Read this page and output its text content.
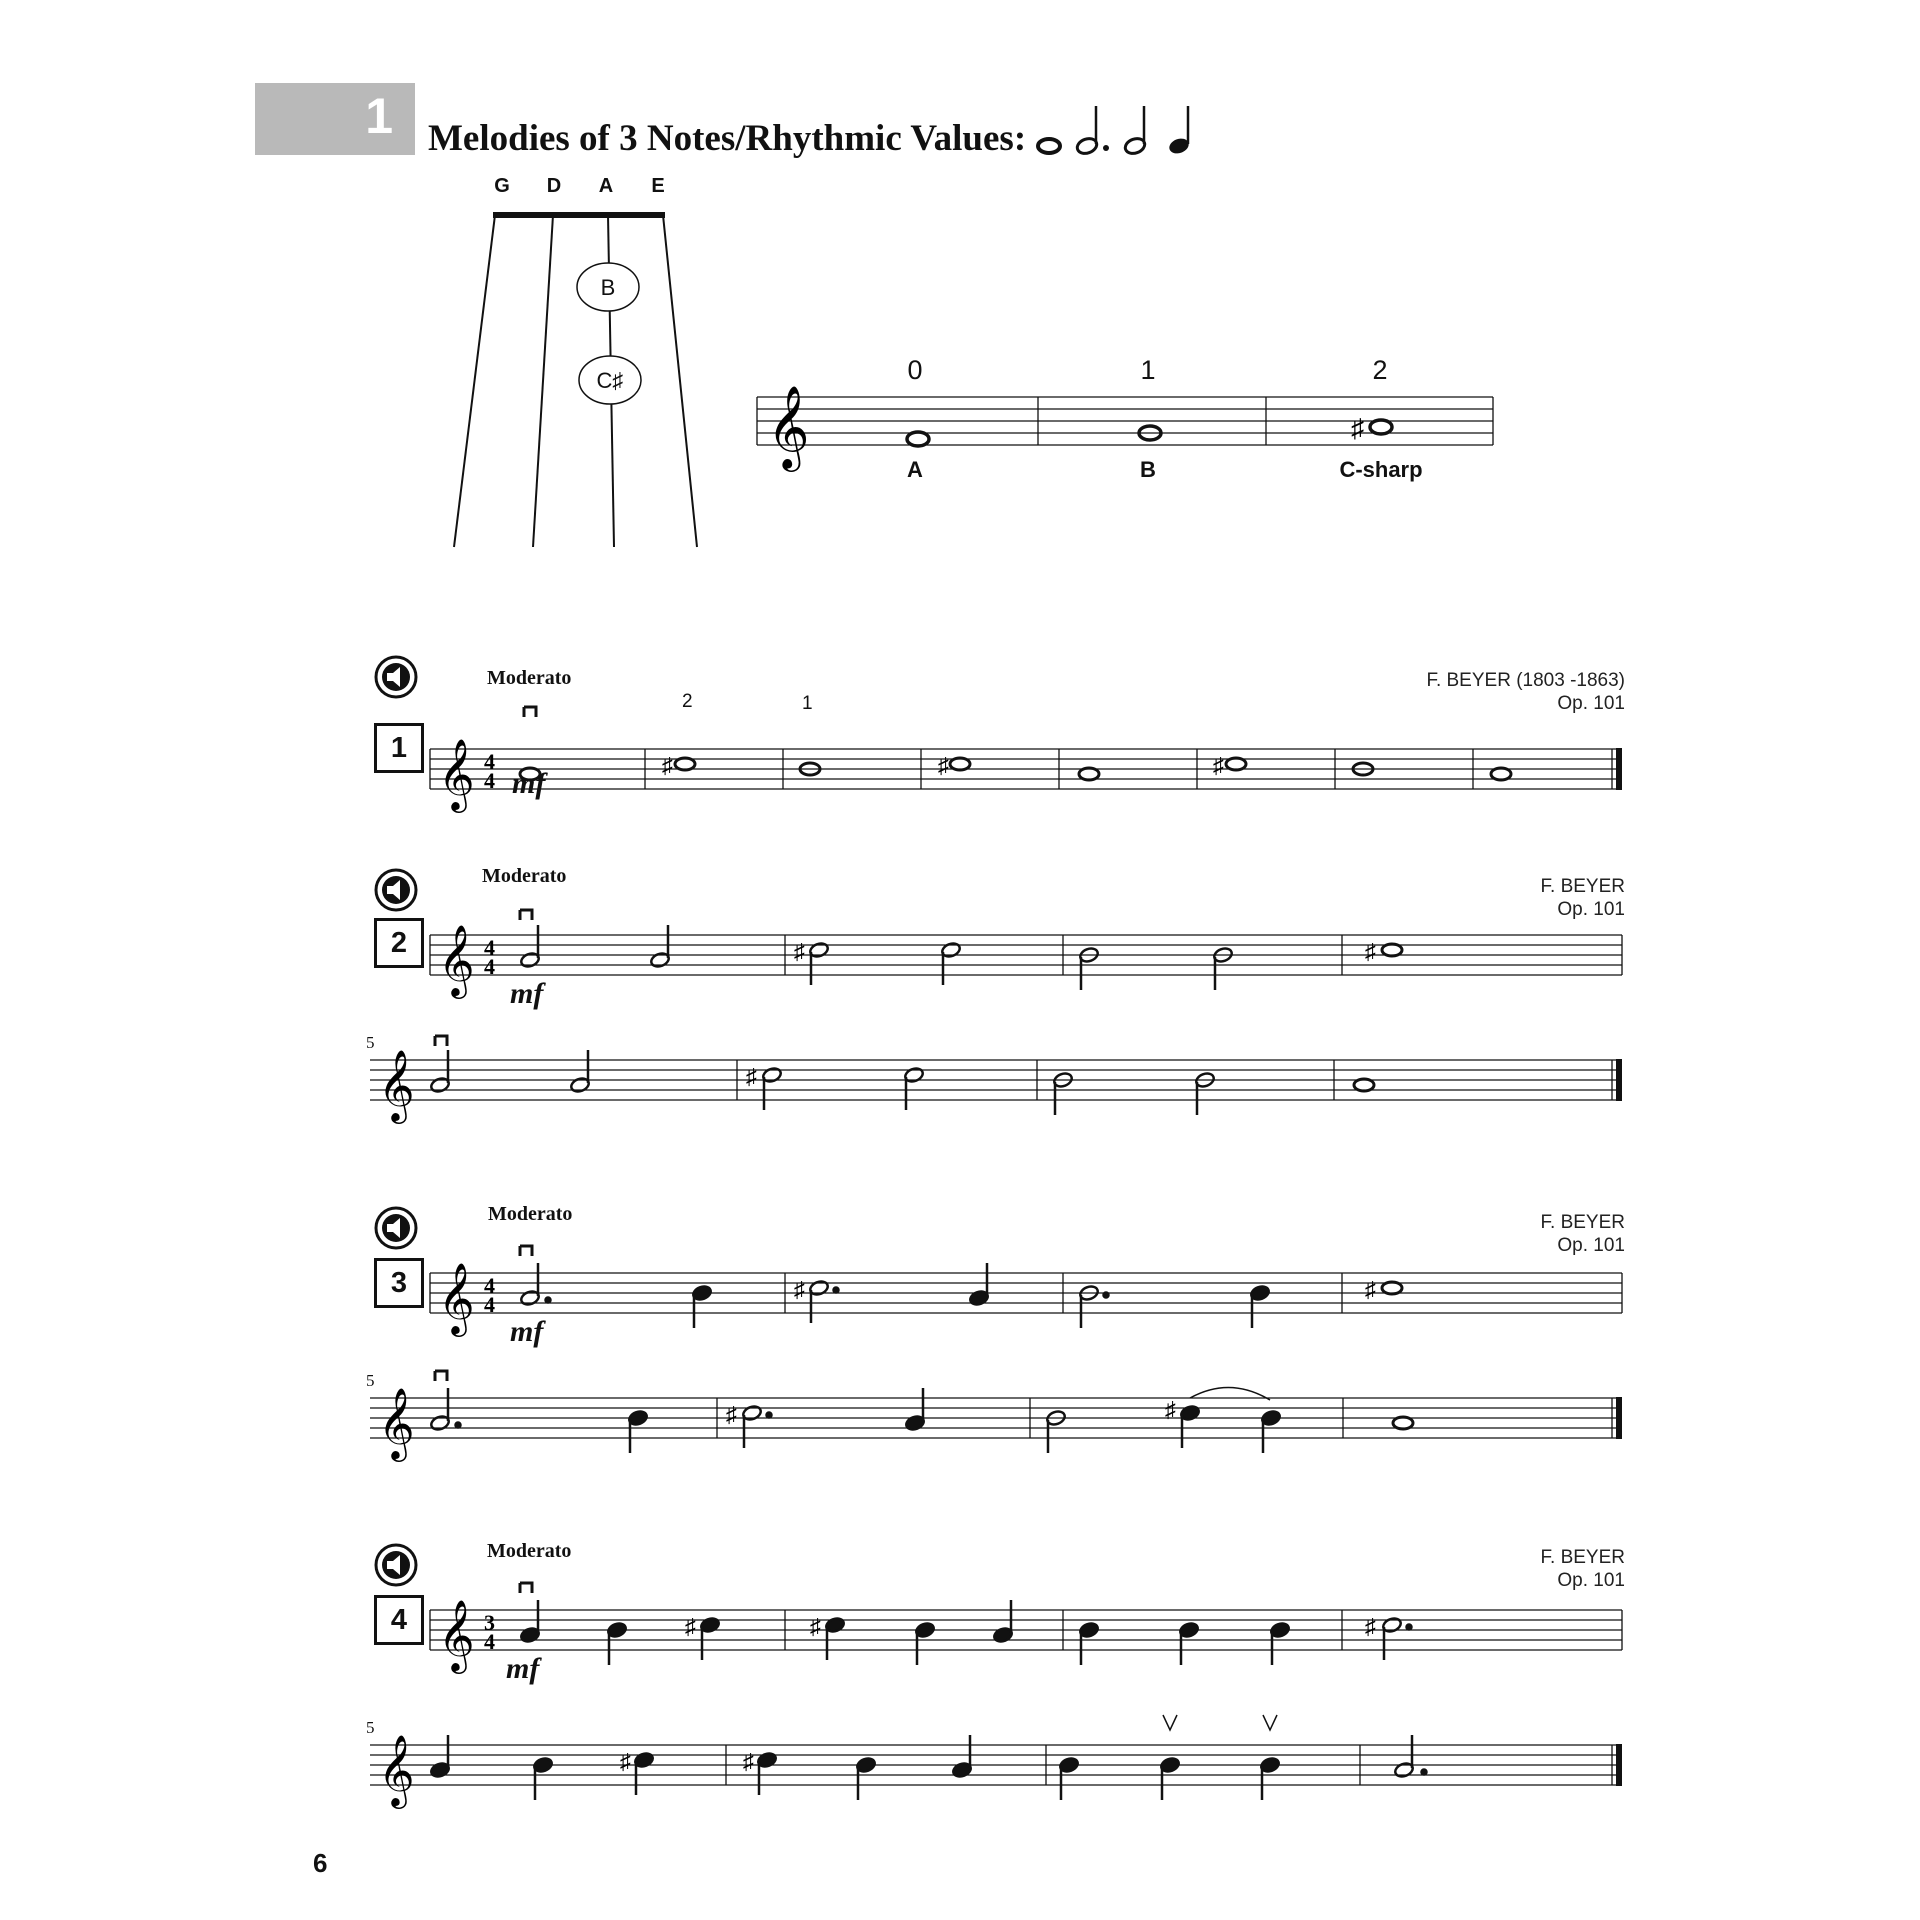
1 Melodies of 3 Notes/Rhythmic Values:
G	D	A	E
B
C♯	0	1	2
𝄞	♯
A	B	C-sharp
Moderato	F. BEYER (1803 -1863)
Op. 101
1
2	1
𝄞 4
4
♯	♯	♯
mf
Moderato	F. BEYER
Op. 101
2 𝄞 4
4
♯	♯
𝄞	♯
5
mf
Moderato	F. BEYER
Op. 101
3 𝄞 4
4
♯	♯
𝄞	♯	♯
5
mf
Moderato	F. BEYER
Op. 101
4 𝄞 3
4
♯	♯	♯
𝄞	♯	♯
5
mf
6
